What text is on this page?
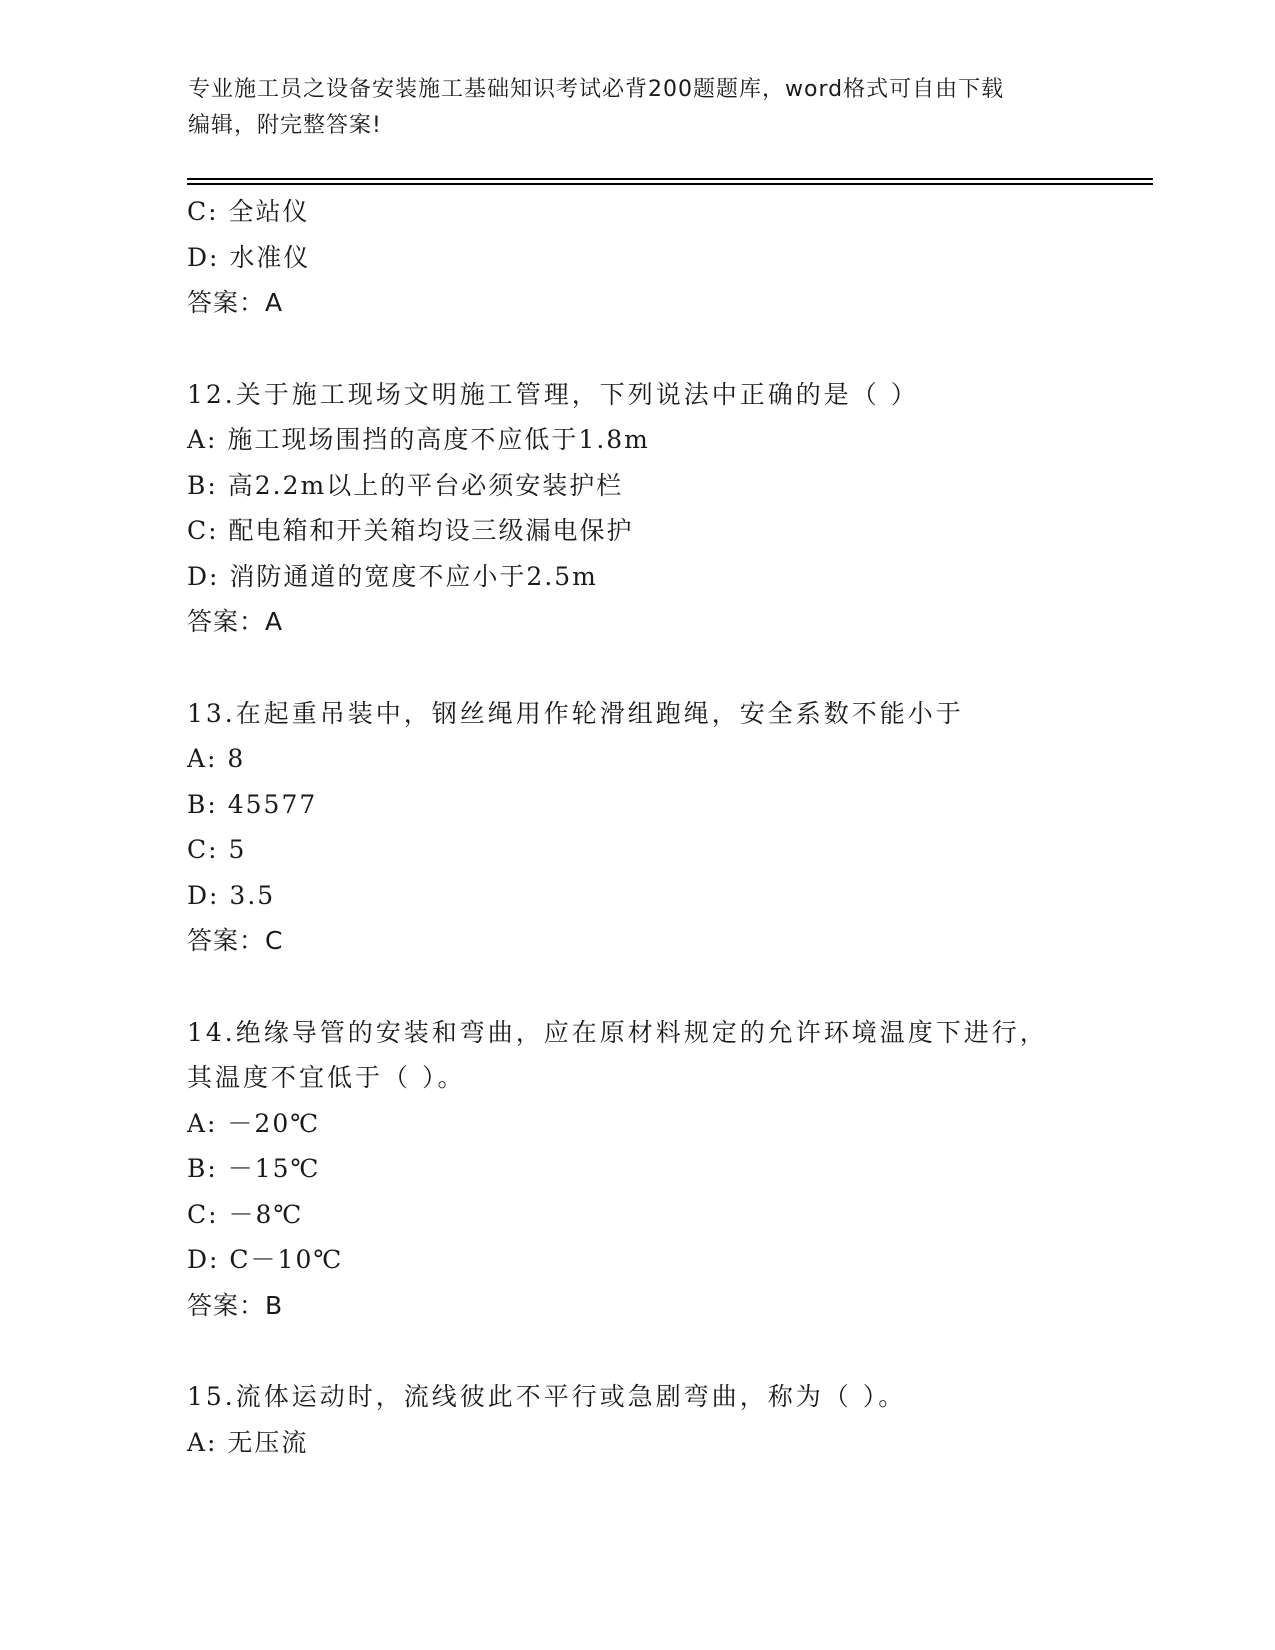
专业施工员之设备安装施工基础知识考试必背200题题库，word格式可自由下载
编辑，附完整答案!
C: 全站仪
D: 水准仪
答案：A
12.关于施工现场文明施工管理，下列说法中正确的是（ ）
A: 施工现场围挡的高度不应低于1.8m
B: 高2.2m以上的平台必须安装护栏
C: 配电箱和开关箱均设三级漏电保护
D: 消防通道的宽度不应小于2.5m
答案：A
13.在起重吊装中，钢丝绳用作轮滑组跑绳，安全系数不能小于
A: 8
B: 45577
C: 5
D: 3.5
答案：C
14.绝缘导管的安装和弯曲，应在原材料规定的允许环境温度下进行，
其温度不宜低于（ ）。
A: －20℃
B: －15℃
C: －8℃
D: C－10℃
答案：B
15.流体运动时，流线彼此不平行或急剧弯曲，称为（ ）。
A: 无压流
